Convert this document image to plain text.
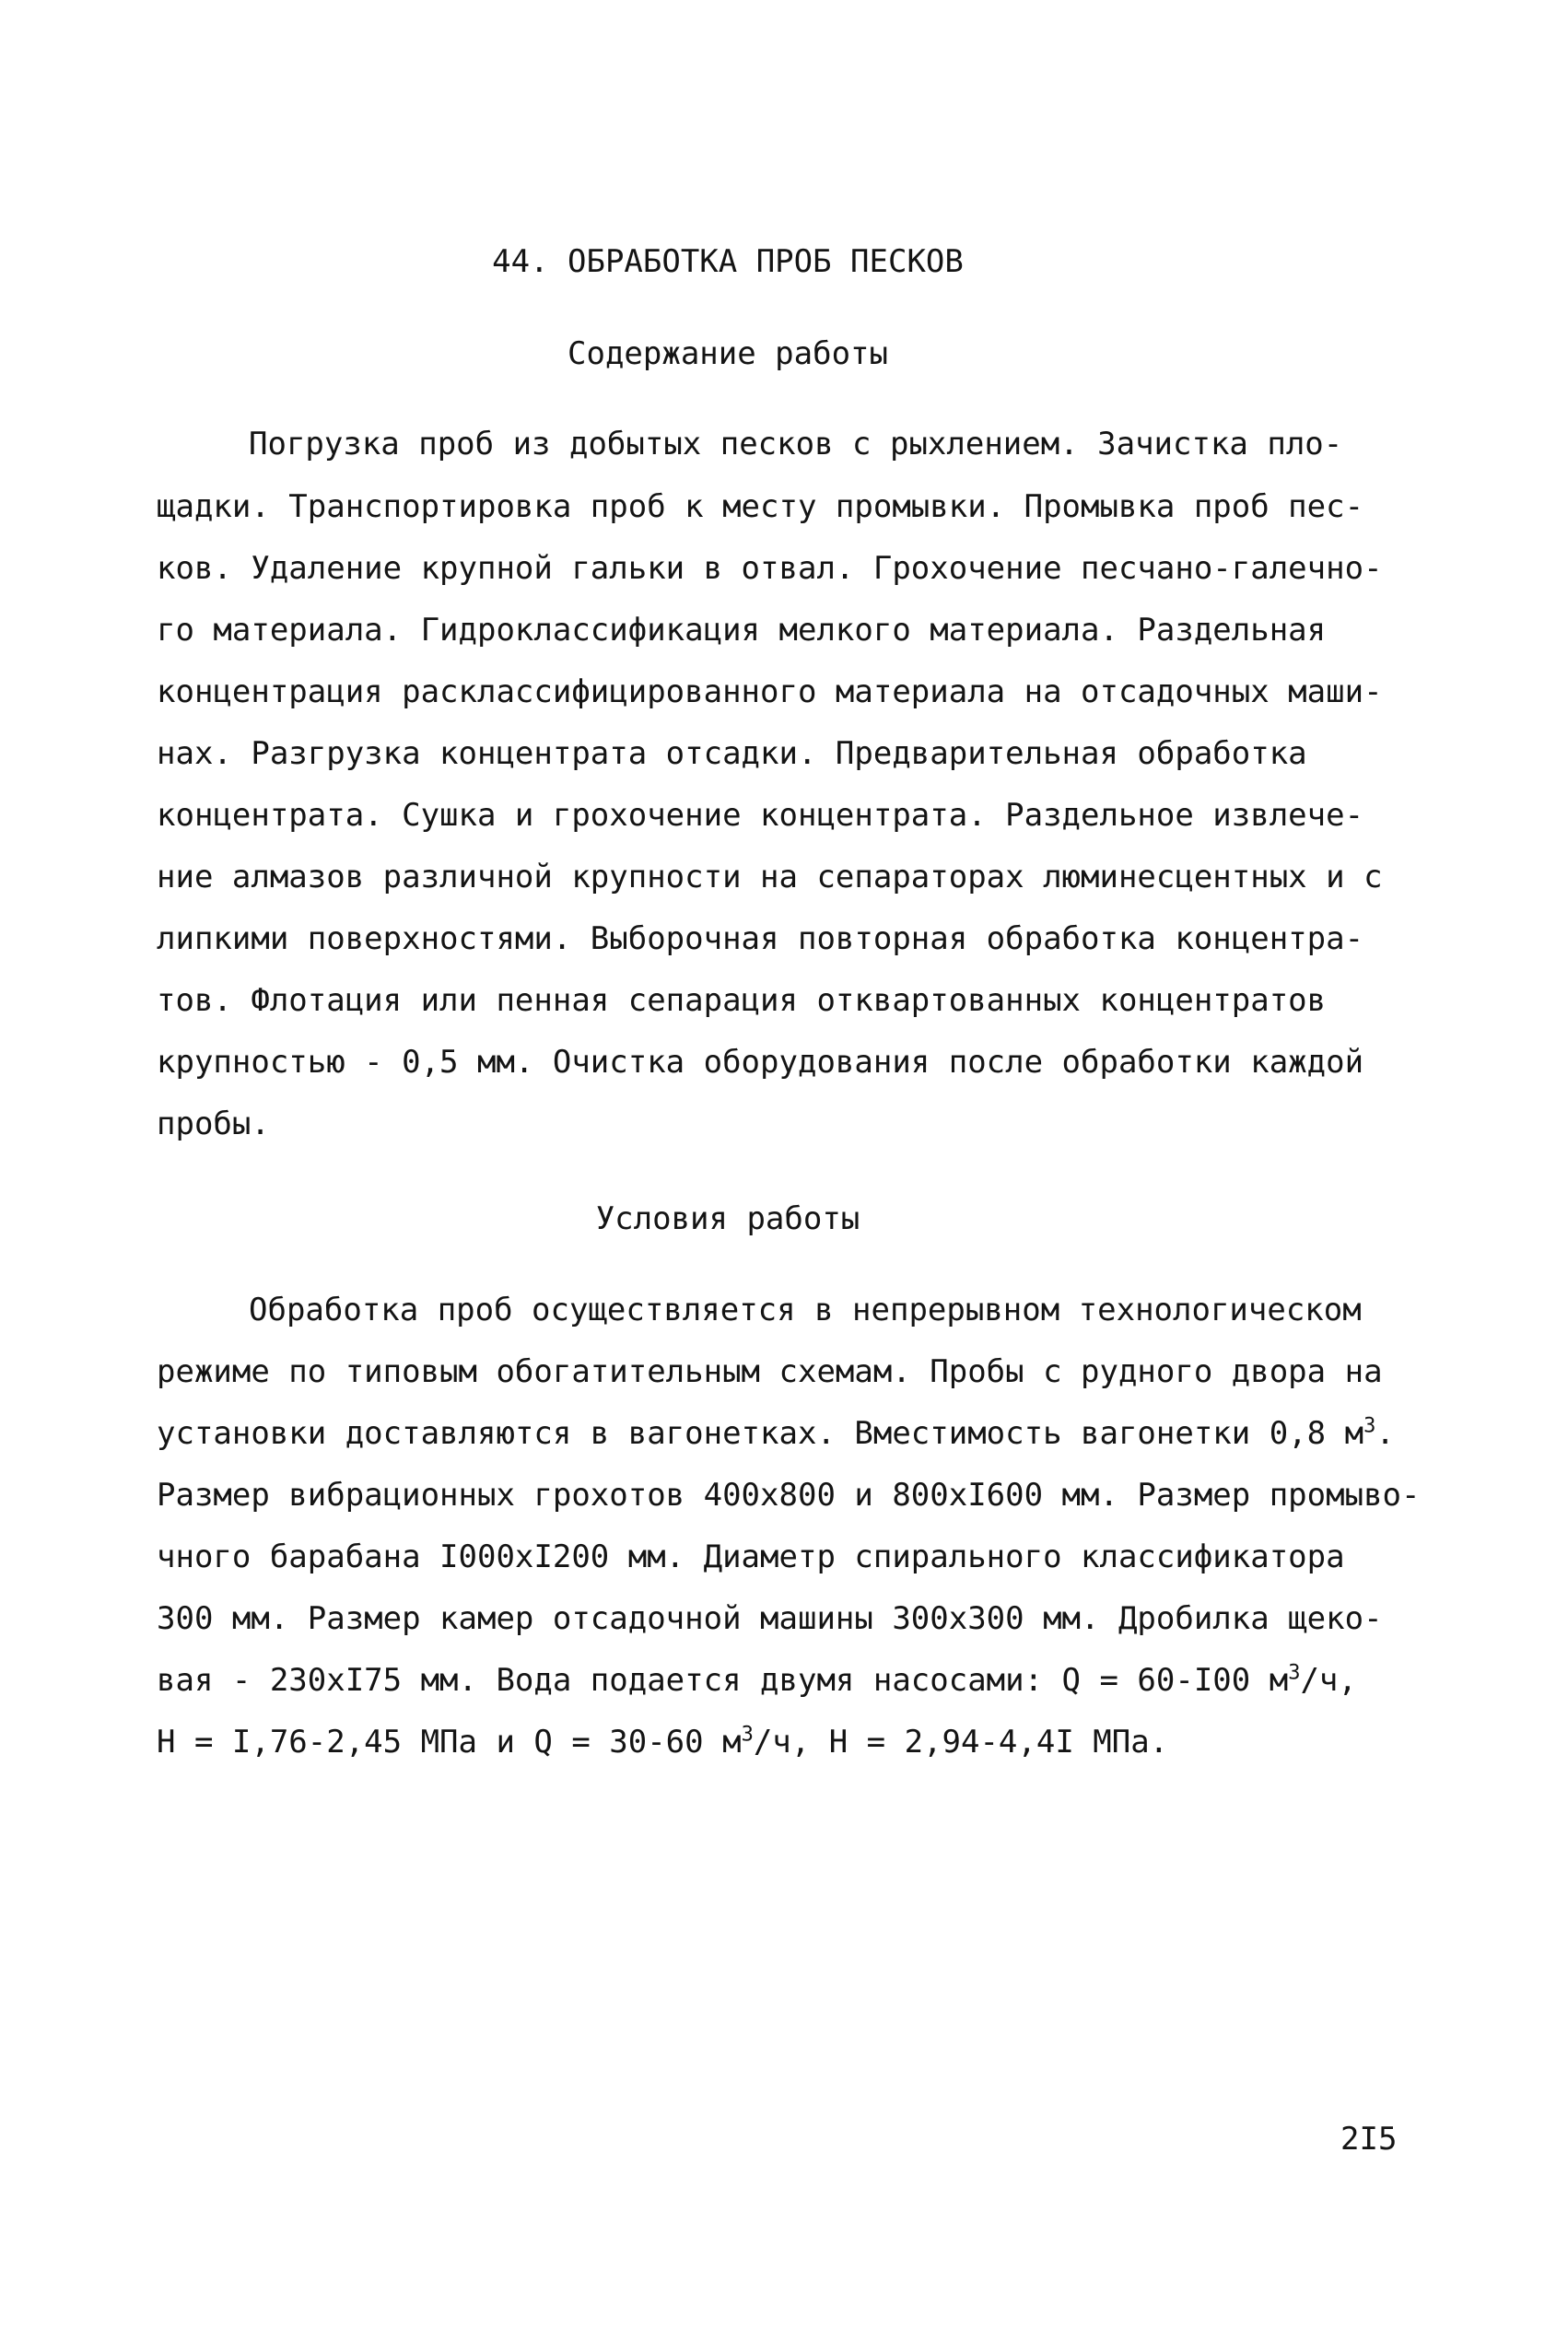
44. ОБРАБОТКА ПРОБ ПЕСКОВ
Содержание работы
Погрузка проб из добытых песков с рыхлением. Зачистка пло-
щадки. Транспортировка проб к месту промывки. Промывка проб пес-
ков. Удаление крупной гальки в отвал. Грохочение песчано-галечно-
го материала. Гидроклассификация мелкого материала. Раздельная
концентрация расклассифицированного материала на отсадочных маши-
нах. Разгрузка концентрата отсадки. Предварительная обработка
концентрата. Сушка и грохочение концентрата. Раздельное извлече-
ние алмазов различной крупности на сепараторах люминесцентных и с
липкими поверхностями. Выборочная повторная обработка концентра-
тов. Флотация или пенная сепарация отквартованных концентратов
крупностью - 0,5 мм. Очистка оборудования после обработки каждой
пробы.
Условия работы
Обработка проб осуществляется в непрерывном технологическом
режиме по типовым обогатительным схемам. Пробы с рудного двора на
установки доставляются в вагонетках. Вместимость вагонетки 0,8 $м^3$.
Размер вибрационных грохотов 400х800 и 800хI600 мм. Размер промыво-
чного барабана I000хI200 мм. Диаметр спирального классификатора
300 мм. Размер камер отсадочной машины 300х300 мм. Дробилка щеко-
вая - 230хI75 мм. Вода подается двумя насосами: Q = 60-I00 $м^3/ч$,
Н = I,76-2,45 МПа и Q = 30-60 $м^3/ч$, Н = 2,94-4,4I МПа.
2I5
